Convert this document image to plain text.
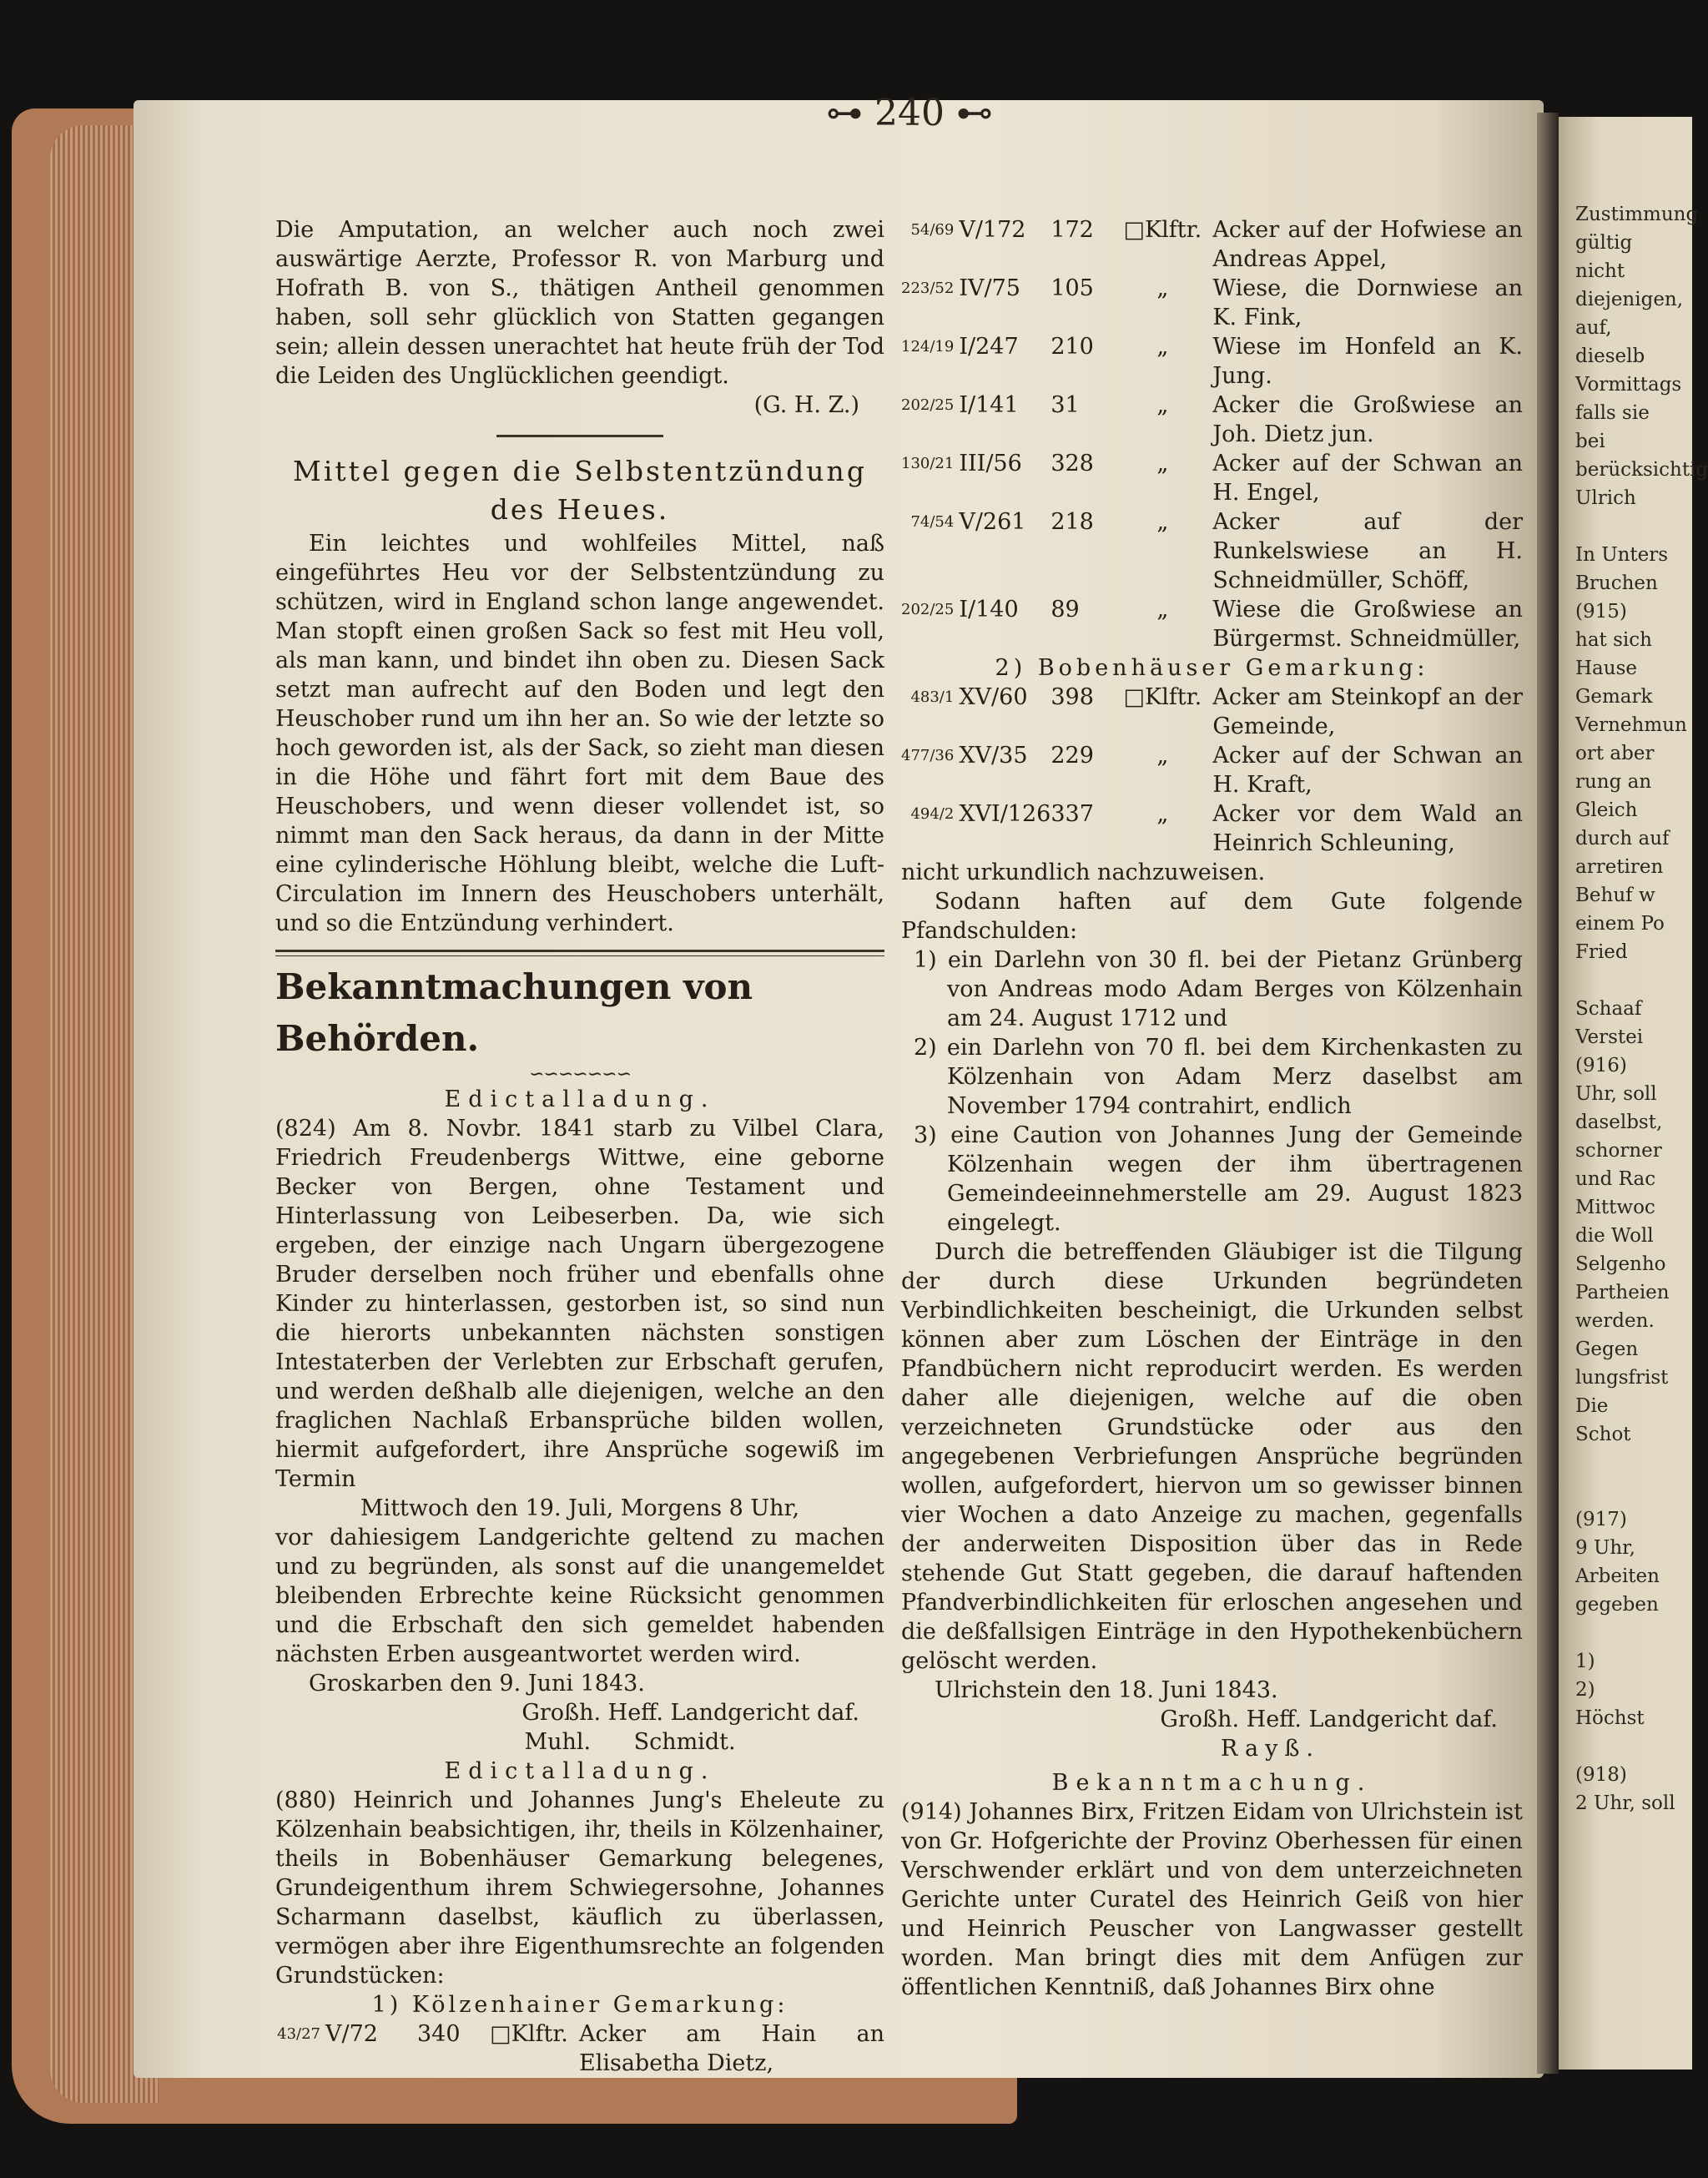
⊶ 240 ⊷

Die Amputation, an welcher auch noch zwei auswärtige Aerzte, Professor R. von Marburg und Hofrath B. von S., thätigen Antheil genommen haben, soll sehr glücklich von Statten gegangen sein; allein dessen unerachtet hat heute früh der Tod die Leiden des Unglücklichen geendigt.

(G. H. Z.)

Mittel gegen die Selbstentzündung des Heues.

Ein leichtes und wohlfeiles Mittel, naß eingeführtes Heu vor der Selbstentzündung zu schützen, wird in England schon lange angewendet. Man stopft einen großen Sack so fest mit Heu voll, als man kann, und bindet ihn oben zu. Diesen Sack setzt man aufrecht auf den Boden und legt den Heuschober rund um ihn her an. So wie der letzte so hoch geworden ist, als der Sack, so zieht man diesen in die Höhe und fährt fort mit dem Baue des Heuschobers, und wenn dieser vollendet ist, so nimmt man den Sack heraus, da dann in der Mitte eine cylinderische Höhlung bleibt, welche die Luft-Circulation im Innern des Heuschobers unterhält, und so die Entzündung verhindert.

Bekanntmachungen von Behörden.

∽∽∽∽∽∽∽

Edictalladung.

(824) Am 8. Novbr. 1841 starb zu Vilbel Clara, Friedrich Freudenbergs Wittwe, eine geborne Becker von Bergen, ohne Testament und Hinterlassung von Leibeserben. Da, wie sich ergeben, der einzige nach Ungarn übergezogene Bruder derselben noch früher und ebenfalls ohne Kinder zu hinterlassen, gestorben ist, so sind nun die hierorts unbekannten nächsten sonstigen Intestaterben der Verlebten zur Erbschaft gerufen, und werden deßhalb alle diejenigen, welche an den fraglichen Nachlaß Erbansprüche bilden wollen, hiermit aufgefordert, ihre Ansprüche sogewiß im Termin

Mittwoch den 19. Juli, Morgens 8 Uhr,

vor dahiesigem Landgerichte geltend zu machen und zu begründen, als sonst auf die unangemeldet bleibenden Erbrechte keine Rücksicht genommen und die Erbschaft den sich gemeldet habenden nächsten Erben ausgeantwortet werden wird.

Groskarben den 9. Juni 1843.

Großh. Heff. Landgericht daf.

Muhl.      Schmidt.

Edictalladung.

(880) Heinrich und Johannes Jung's Eheleute zu Kölzenhain beabsichtigen, ihr, theils in Kölzenhainer, theils in Bobenhäuser Gemarkung belegenes, Grundeigenthum ihrem Schwiegersohne, Johannes Scharmann daselbst, käuflich zu überlassen, vermögen aber ihre Eigenthumsrechte an folgenden Grundstücken:

1) Kölzenhainer Gemarkung:

43/27	V/72	340	□Klftr.	Acker am Hain an Elisabetha Dietz,
54/69	V/172	172	□Klftr.	Acker auf der Hofwiese an Andreas Appel,
223/52	IV/75	105	„	Wiese, die Dornwiese an K. Fink,
124/19	I/247	210	„	Wiese im Honfeld an K. Jung.
202/25	I/141	31	„	Acker die Großwiese an Joh. Dietz jun.
130/21	III/56	328	„	Acker auf der Schwan an H. Engel,
74/54	V/261	218	„	Acker auf der Runkelswiese an H. Schneidmüller, Schöff,
202/25	I/140	89	„	Wiese die Großwiese an Bürgermst. Schneidmüller,

2) Bobenhäuser Gemarkung:

483/1	XV/60	398	□Klftr.	Acker am Steinkopf an der Gemeinde,
477/36	XV/35	229	„	Acker auf der Schwan an H. Kraft,
494/2	XVI/126	337	„	Acker vor dem Wald an Heinrich Schleuning,

nicht urkundlich nachzuweisen.

Sodann haften auf dem Gute folgende Pfandschulden:

1) ein Darlehn von 30 fl. bei der Pietanz Grünberg von Andreas modo Adam Berges von Kölzenhain am 24. August 1712 und

2) ein Darlehn von 70 fl. bei dem Kirchenkasten zu Kölzenhain von Adam Merz daselbst am November 1794 contrahirt, endlich

3) eine Caution von Johannes Jung der Gemeinde Kölzenhain wegen der ihm übertragenen Gemeindeeinnehmerstelle am 29. August 1823 eingelegt.

Durch die betreffenden Gläubiger ist die Tilgung der durch diese Urkunden begründeten Verbindlichkeiten bescheinigt, die Urkunden selbst können aber zum Löschen der Einträge in den Pfandbüchern nicht reproducirt werden. Es werden daher alle diejenigen, welche auf die oben verzeichneten Grundstücke oder aus den angegebenen Verbriefungen Ansprüche begründen wollen, aufgefordert, hiervon um so gewisser binnen vier Wochen a dato Anzeige zu machen, gegenfalls der anderweiten Disposition über das in Rede stehende Gut Statt gegeben, die darauf haftenden Pfandverbindlichkeiten für erloschen angesehen und die deßfallsigen Einträge in den Hypothekenbüchern gelöscht werden.

Ulrichstein den 18. Juni 1843.

Großh. Heff. Landgericht daf.

Rayß.

Bekanntmachung.

(914) Johannes Birx, Fritzen Eidam von Ulrichstein ist von Gr. Hofgerichte der Provinz Oberhessen für einen Verschwender erklärt und von dem unterzeichneten Gerichte unter Curatel des Heinrich Geiß von hier und Heinrich Peuscher von Langwasser gestellt worden. Man bringt dies mit dem Anfügen zur öffentlichen Kenntniß, daß Johannes Birx ohne

Zustimmung
gültig nicht
diejenigen,
auf, dieselb
Vormittags
falls sie bei
berücksichtig
Ulrich
In Unters
Bruchen
(915)
hat sich
Hause Gemark
Vernehmun
ort aber
rung an
Gleich
durch auf
arretiren
Behuf w
einem Po
Fried
Schaaf
Verstei
(916)
Uhr, soll
daselbst,
schorner
und Rac
Mittwoc
die Woll
Selgenho
Partheien
werden.
Gegen
lungsfrist
Die
Schot
(917)
9 Uhr,
Arbeiten
gegeben
1)
2)
Höchst
(918)
2 Uhr, soll
